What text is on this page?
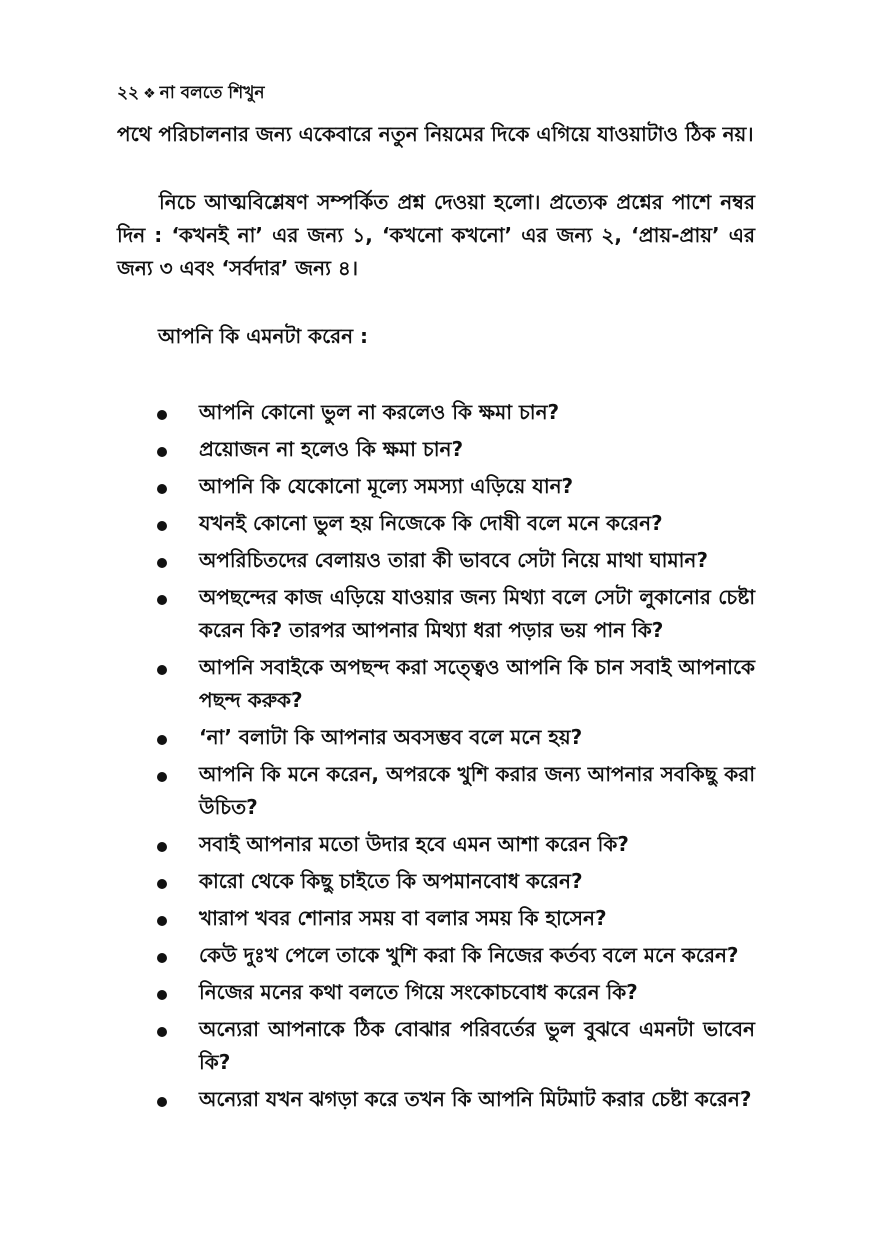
২২ ❖ না বলতে শিখুন

পথে পরিচালনার জন্য একেবারে নতুন নিয়মের দিকে এগিয়ে যাওয়াটাও ঠিক নয়।

নিচে আত্মবিশ্লেষণ সম্পর্কিত প্রশ্ন দেওয়া হলো। প্রত্যেক প্রশ্নের পাশে নম্বর দিন : ‘কখনই না’ এর জন্য ১, ‘কখনো কখনো’ এর জন্য ২, ‘প্রায়-প্রায়’ এর জন্য ৩ এবং ‘সর্বদার’ জন্য ৪।

আপনি কি এমনটা করেন :
আপনি কোনো ভুল না করলেও কি ক্ষমা চান?
প্রয়োজন না হলেও কি ক্ষমা চান?
আপনি কি যেকোনো মূল্যে সমস্যা এড়িয়ে যান?
যখনই কোনো ভুল হয় নিজেকে কি দোষী বলে মনে করেন?
অপরিচিতদের বেলায়ও তারা কী ভাববে সেটা নিয়ে মাথা ঘামান?
অপছন্দের কাজ এড়িয়ে যাওয়ার জন্য মিথ্যা বলে সেটা লুকানোর চেষ্টা করেন কি? তারপর আপনার মিথ্যা ধরা পড়ার ভয় পান কি?
আপনি সবাইকে অপছন্দ করা সত্ত্বেও আপনি কি চান সবাই আপনাকে পছন্দ করুক?
‘না’ বলাটা কি আপনার অবসম্ভব বলে মনে হয়?
আপনি কি মনে করেন, অপরকে খুশি করার জন্য আপনার সবকিছু করা উচিত?
সবাই আপনার মতো উদার হবে এমন আশা করেন কি?
কারো থেকে কিছু চাইতে কি অপমানবোধ করেন?
খারাপ খবর শোনার সময় বা বলার সময় কি হাসেন?
কেউ দুঃখ পেলে তাকে খুশি করা কি নিজের কর্তব্য বলে মনে করেন?
নিজের মনের কথা বলতে গিয়ে সংকোচবোধ করেন কি?
অন্যেরা আপনাকে ঠিক বোঝার পরিবর্তের ভুল বুঝবে এমনটা ভাবেন কি?
অন্যেরা যখন ঝগড়া করে তখন কি আপনি মিটমাট করার চেষ্টা করেন?
